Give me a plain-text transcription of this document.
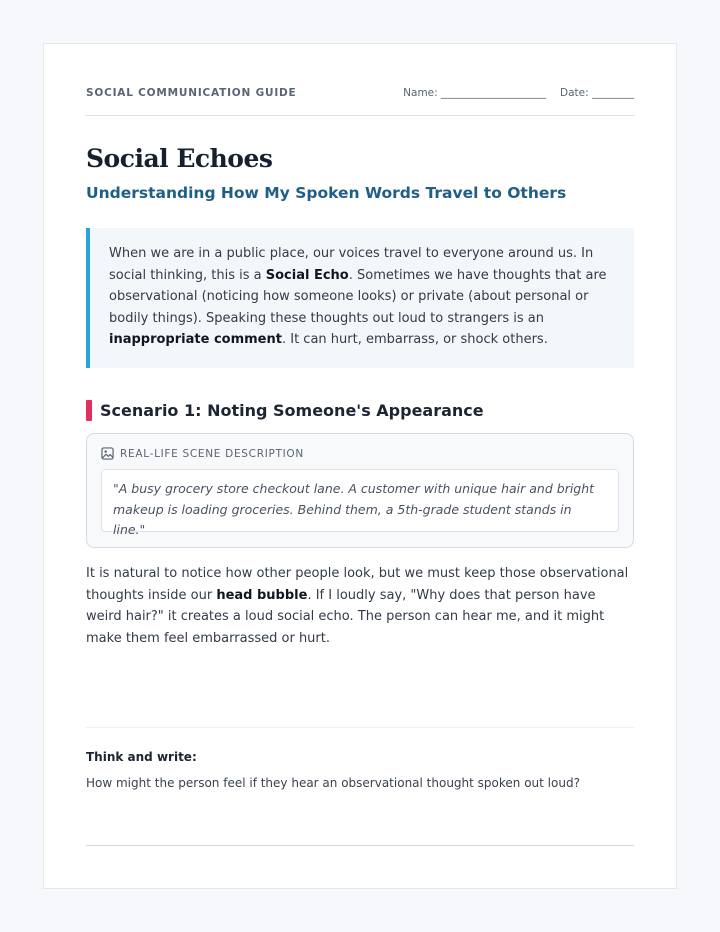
SOCIAL COMMUNICATION GUIDE	Name: ____________________ Date: ________
Social Echoes
Understanding How My Spoken Words Travel to Others
When we are in a public place, our voices travel to everyone around us. In social thinking, this is a Social Echo. Sometimes we have thoughts that are observational (noticing how someone looks) or private (about personal or bodily things). Speaking these thoughts out loud to strangers is an inappropriate comment. It can hurt, embarrass, or shock others.
Scenario 1: Noting Someone's Appearance
REAL-LIFE SCENE DESCRIPTION
"A busy grocery store checkout lane. A customer with unique hair and bright makeup is loading groceries. Behind them, a 5th-grade student stands in line."

It is natural to notice how other people look, but we must keep those observational thoughts inside our head bubble. If I loudly say, "Why does that person have weird hair?" it creates a loud social echo. The person can hear me, and it might make them feel embarrassed or hurt.

Think and write:
How might the person feel if they hear an observational thought spoken out loud?
